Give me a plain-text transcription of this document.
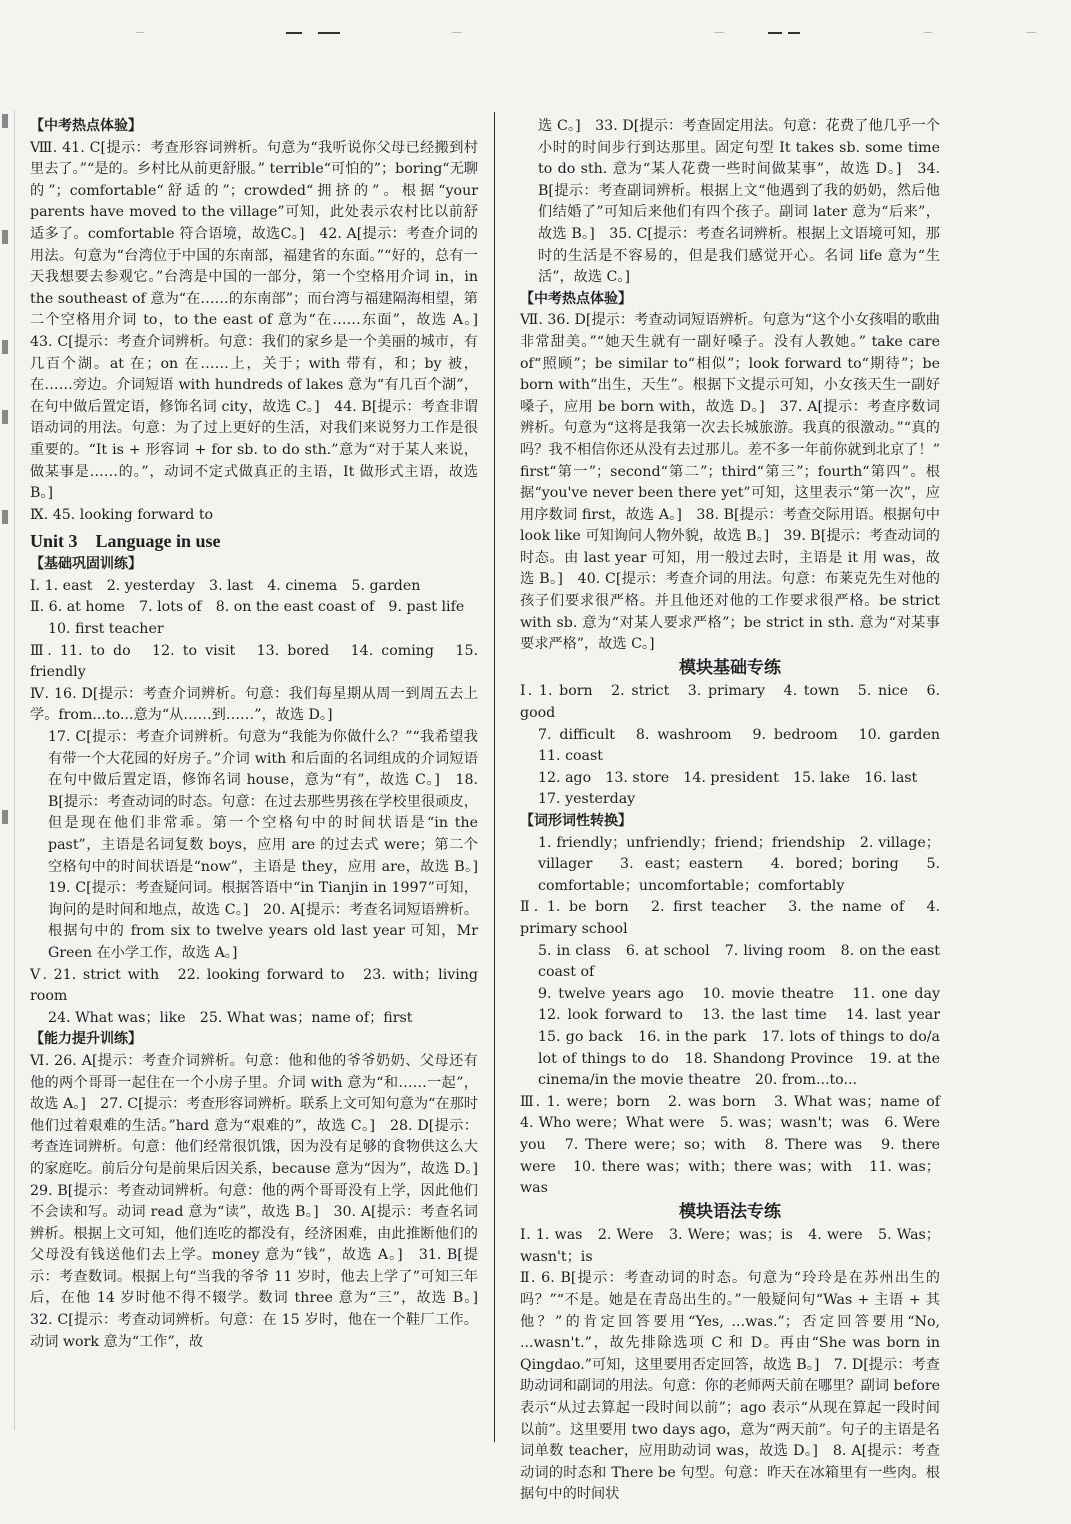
【中考热点体验】
Ⅷ. 41. C[提示：考查形容词辨析。句意为“我听说你父母已经搬到村里去了。”“是的。乡村比从前更舒服。” terrible“可怕的”；boring“无聊的”；comfortable“舒适的”；crowded“拥挤的”。根据“your parents have moved to the village”可知，此处表示农村比以前舒适多了。comfortable 符合语境，故选C。]　42. A[提示：考查介词的用法。句意为“台湾位于中国的东南部，福建省的东面。”“好的，总有一天我想要去参观它。”台湾是中国的一部分，第一个空格用介词 in，in the southeast of 意为“在……的东南部”；而台湾与福建隔海相望，第二个空格用介词 to，to the east of 意为“在……东面”，故选 A。]　43. C[提示：考查介词辨析。句意：我们的家乡是一个美丽的城市，有几百个湖。at 在；on 在……上，关于；with 带有，和；by 被，在……旁边。介词短语 with hundreds of lakes 意为“有几百个湖”，在句中做后置定语，修饰名词 city，故选 C。]　44. B[提示：考查非谓语动词的用法。句意：为了过上更好的生活，对我们来说努力工作是很重要的。“It is + 形容词 + for sb. to do sth.”意为“对于某人来说，做某事是……的。”，动词不定式做真正的主语，It 做形式主语，故选 B。]
Ⅸ. 45. looking forward to
Unit 3　Language in use
【基础巩固训练】
Ⅰ. 1. east　2. yesterday　3. last　4. cinema　5. garden
Ⅱ. 6. at home　7. lots of　8. on the east coast of　9. past life
10. first teacher
Ⅲ. 11. to do　12. to visit　13. bored　14. coming　15. friendly
Ⅳ. 16. D[提示：考查介词辨析。句意：我们每星期从周一到周五去上学。from...to...意为“从……到……”，故选 D。]
17. C[提示：考查介词辨析。句意为“我能为你做什么？”“我希望我有带一个大花园的好房子。”介词 with 和后面的名词组成的介词短语在句中做后置定语，修饰名词 house，意为“有”，故选 C。]　18. B[提示：考查动词的时态。句意：在过去那些男孩在学校里很顽皮，但是现在他们非常乖。第一个空格句中的时间状语是“in the past”，主语是名词复数 boys，应用 are 的过去式 were；第二个空格句中的时间状语是“now”，主语是 they，应用 are，故选 B。]　19. C[提示：考查疑问词。根据答语中“in Tianjin in 1997”可知，询问的是时间和地点，故选 C。]　20. A[提示：考查名词短语辨析。根据句中的 from six to twelve years old last year 可知，Mr Green 在小学工作，故选 A。]
Ⅴ. 21. strict with　22. looking forward to　23. with；living room
24. What was；like　25. What was；name of；first
【能力提升训练】
Ⅵ. 26. A[提示：考查介词辨析。句意：他和他的爷爷奶奶、父母还有他的两个哥哥一起住在一个小房子里。介词 with 意为“和……一起”，故选 A。]　27. C[提示：考查形容词辨析。联系上文可知句意为“在那时他们过着艰难的生活。”hard 意为“艰难的”，故选 C。]　28. D[提示：考查连词辨析。句意：他们经常很饥饿，因为没有足够的食物供这么大的家庭吃。前后分句是前果后因关系，because 意为“因为”，故选 D。]　29. B[提示：考查动词辨析。句意：他的两个哥哥没有上学，因此他们不会读和写。动词 read 意为“读”，故选 B。]　30. A[提示：考查名词辨析。根据上文可知，他们连吃的都没有，经济困难，由此推断他们的父母没有钱送他们去上学。money 意为“钱”，故选 A。]　31. B[提示：考查数词。根据上句“当我的爷爷 11 岁时，他去上学了”可知三年后，在他 14 岁时他不得不辍学。数词 three 意为“三”，故选 B。]　32. C[提示：考查动词辨析。句意：在 15 岁时，他在一个鞋厂工作。动词 work 意为“工作”，故
选 C。]　33. D[提示：考查固定用法。句意：花费了他几乎一个小时的时间步行到达那里。固定句型 It takes sb. some time to do sth. 意为“某人花费一些时间做某事”，故选 D。]　34. B[提示：考查副词辨析。根据上文“他遇到了我的奶奶，然后他们结婚了”可知后来他们有四个孩子。副词 later 意为“后来”，故选 B。]　35. C[提示：考查名词辨析。根据上文语境可知，那时的生活是不容易的，但是我们感觉开心。名词 life 意为“生活”，故选 C。]
【中考热点体验】
Ⅶ. 36. D[提示：考查动词短语辨析。句意为“这个小女孩唱的歌曲非常甜美。”“她天生就有一副好嗓子。没有人教她。” take care of“照顾”；be similar to“相似”；look forward to“期待”；be born with“出生，天生”。根据下文提示可知，小女孩天生一副好嗓子，应用 be born with，故选 D。]　37. A[提示：考查序数词辨析。句意为“这将是我第一次去长城旅游。我真的很激动。”“真的吗？我不相信你还从没有去过那儿。差不多一年前你就到北京了！” first“第一”；second“第二”；third“第三”；fourth“第四”。根据“you've never been there yet”可知，这里表示“第一次”，应用序数词 first，故选 A。]　38. B[提示：考查交际用语。根据句中 look like 可知询问人物外貌，故选 B。]　39. B[提示：考查动词的时态。由 last year 可知，用一般过去时，主语是 it 用 was，故选 B。]　40. C[提示：考查介词的用法。句意：布莱克先生对他的孩子们要求很严格。并且他还对他的工作要求很严格。be strict with sb. 意为“对某人要求严格”；be strict in sth. 意为“对某事要求严格”，故选 C。]
模块基础专练
Ⅰ. 1. born　2. strict　3. primary　4. town　5. nice　6. good
7. difficult　8. washroom　9. bedroom　10. garden　11. coast
12. ago　13. store　14. president　15. lake　16. last
17. yesterday
【词形词性转换】
1. friendly；unfriendly；friend；friendship　2. village；villager　3. east；eastern　4. bored；boring　5. comfortable；uncomfortable；comfortably
Ⅱ. 1. be born　2. first teacher　3. the name of　4. primary school
5. in class　6. at school　7. living room　8. on the east coast of
9. twelve years ago　10. movie theatre　11. one day　12. look forward to　13. the last time　14. last year　15. go back　16. in the park　17. lots of things to do/a lot of things to do　18. Shandong Province　19. at the cinema/in the movie theatre　20. from...to...
Ⅲ. 1. were；born　2. was born　3. What was；name of　4. Who were；What were　5. was；wasn't；was　6. Were you　7. There were；so；with　8. There was　9. there were　10. there was；with；there was；with　11. was；was
模块语法专练
Ⅰ. 1. was　2. Were　3. Were；was；is　4. were　5. Was；wasn't；is
Ⅱ. 6. B[提示：考查动词的时态。句意为“玲玲是在苏州出生的吗？”“不是。她是在青岛出生的。”一般疑问句“Was + 主语 + 其他？”的肯定回答要用“Yes, ...was.”；否定回答要用“No, ...wasn't.”，故先排除选项 C 和 D。再由“She was born in Qingdao.”可知，这里要用否定回答，故选 B。]　7. D[提示：考查助动词和副词的用法。句意：你的老师两天前在哪里？副词 before 表示“从过去算起一段时间以前”；ago 表示“从现在算起一段时间以前”。这里要用 two days ago，意为“两天前”。句子的主语是名词单数 teacher，应用助动词 was，故选 D。]　8. A[提示：考查动词的时态和 There be 句型。句意：昨天在冰箱里有一些肉。根据句中的时间状
